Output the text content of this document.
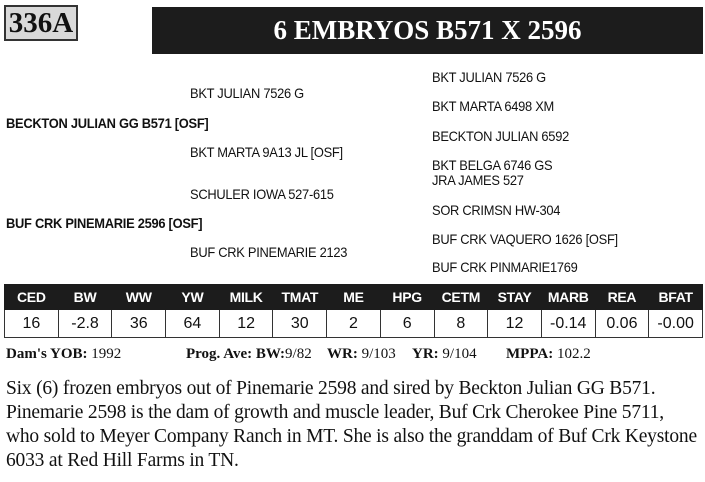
336A	6 EMBRYOS B571 X 2596
BKT JULIAN 7526 G
BECKTON JULIAN GG B571 [OSF]
BKT MARTA 9A13 JL [OSF]
SCHULER IOWA 527-615
BUF CRK PINEMARIE 2596 [OSF]
BUF CRK PINEMARIE 2123
BKT JULIAN 7526 G
BKT MARTA 6498 XM
BECKTON JULIAN 6592
BKT BELGA 6746 GS
JRA JAMES 527
SOR CRIMSN HW-304
BUF CRK VAQUERO 1626 [OSF]
BUF CRK PINMARIE1769
CED	BW	WW	YW	MILK	TMAT	ME	HPG	CETM	STAY	MARB	REA	BFAT
16	-2.8	36	64	12	30	2	6	8	12	-0.14	0.06	-0.00
Dam's YOB: 1992	Prog. Ave: BW:9/82 WR: 9/103 YR: 9/104 MPPA: 102.2
Six (6) frozen embryos out of Pinemarie 2598 and sired by Beckton Julian GG B571. Pinemarie 2598 is the dam of growth and muscle leader, Buf Crk Cherokee Pine 5711, who sold to Meyer Company Ranch in MT. She is also the granddam of Buf Crk Keystone 6033 at Red Hill Farms in TN.
